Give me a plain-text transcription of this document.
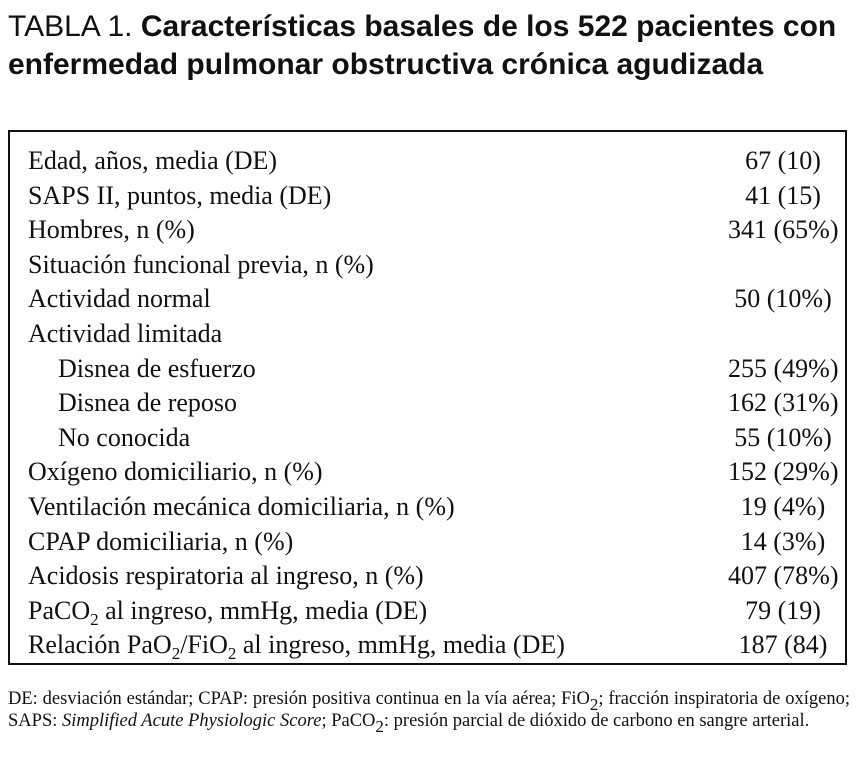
TABLA 1. Características basales de los 522 pacientes con enfermedad pulmonar obstructiva crónica agudizada
Edad, años, media (DE)	67 (10)
SAPS II, puntos, media (DE)	41 (15)
Hombres, n (%)	341 (65%)
Situación funcional previa, n (%)	
Actividad normal	50 (10%)
Actividad limitada	
Disnea de esfuerzo	255 (49%)
Disnea de reposo	162 (31%)
No conocida	55 (10%)
Oxígeno domiciliario, n (%)	152 (29%)
Ventilación mecánica domiciliaria, n (%)	19 (4%)
CPAP domiciliaria, n (%)	14 (3%)
Acidosis respiratoria al ingreso, n (%)	407 (78%)
PaCO$_2$ al ingreso, mmHg, media (DE)	79 (19)
Relación PaO$_2$/FiO$_2$ al ingreso, mmHg, media (DE)	187 (84)

DE: desviación estándar; CPAP: presión positiva continua en la vía aérea; FiO$_2$; fracción inspiratoria de oxígeno; SAPS: Simplified Acute Physiologic Score; PaCO$_2$: presión parcial de dióxido de carbono en sangre arterial.
